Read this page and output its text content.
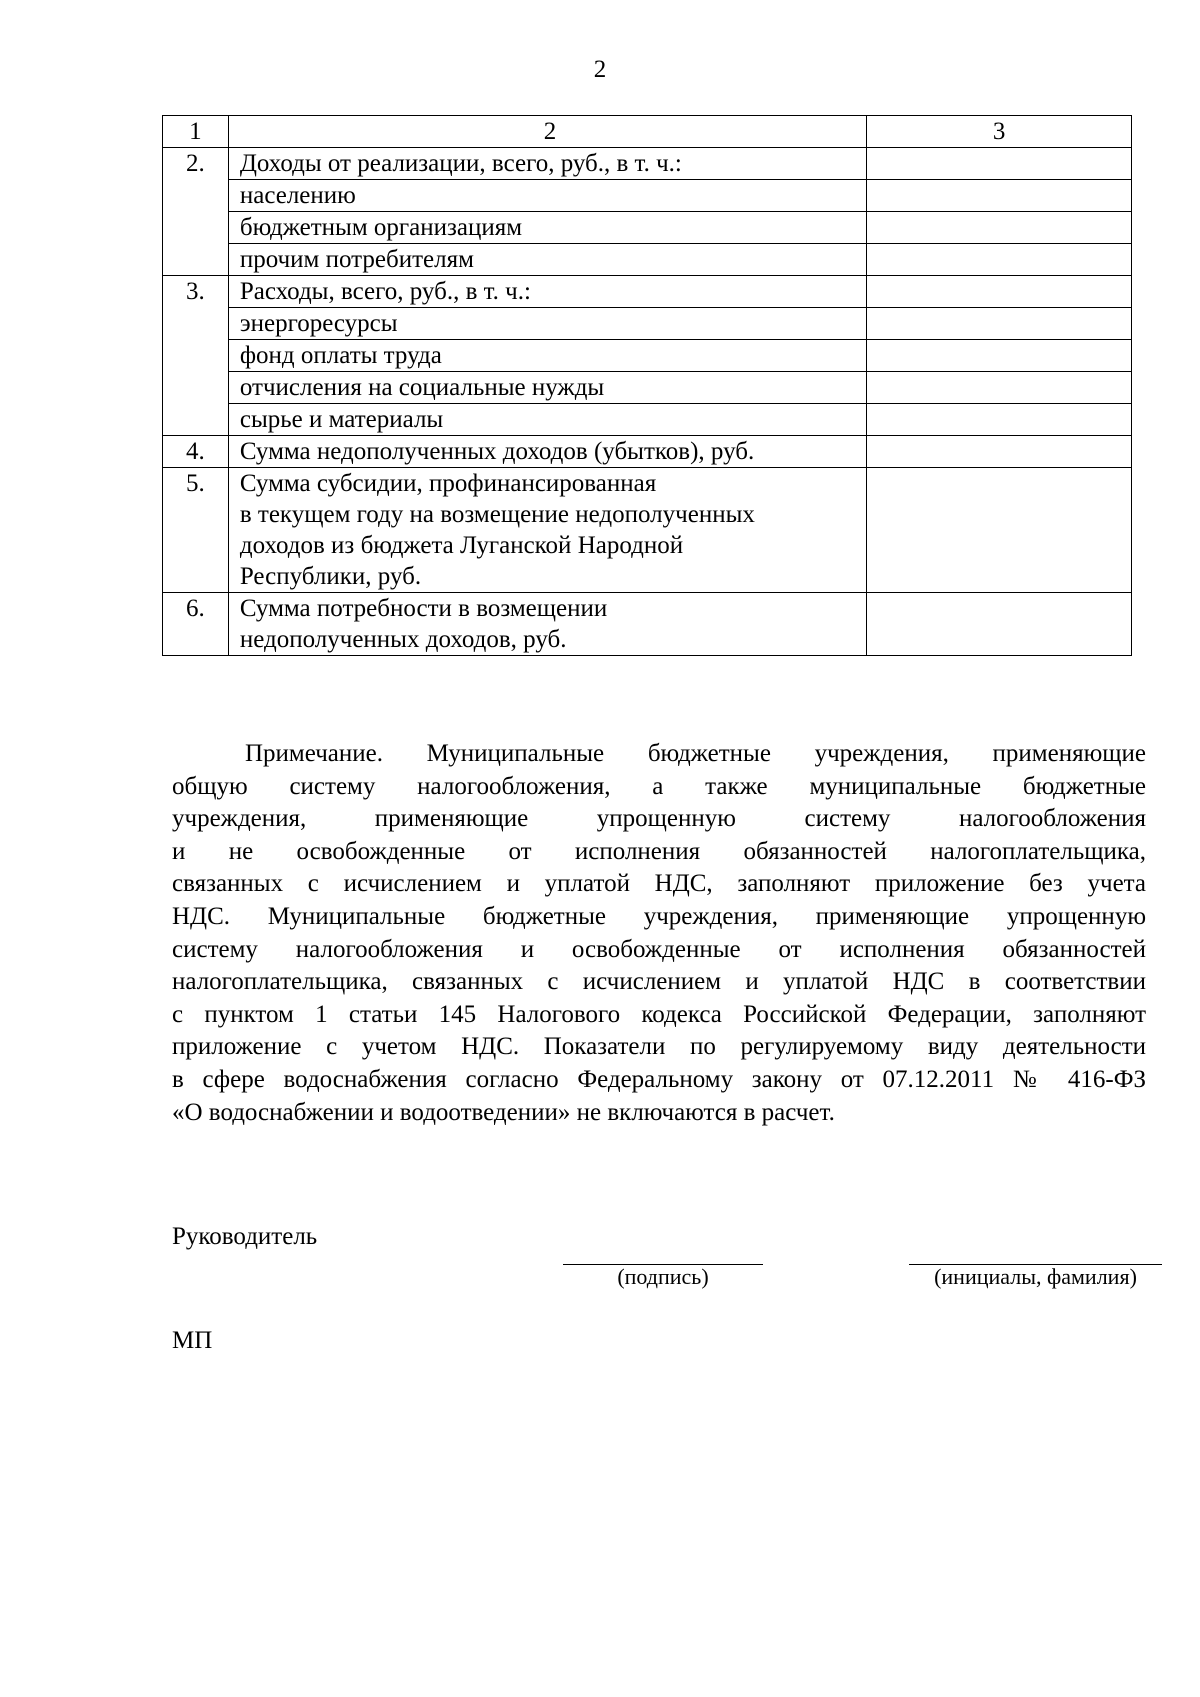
2
1	2	3
2.	Доходы от реализации, всего, руб., в т. ч.:	
	населению	
	бюджетным организациям	
	прочим потребителям	
3.	Расходы, всего, руб., в т. ч.:	
	энергоресурсы	
	фонд оплаты труда	
	отчисления на социальные нужды	
	сырье и материалы	
4.	Сумма недополученных доходов (убытков), руб.	
5.	Сумма субсидии, профинансированная
в текущем году на возмещение недополученных
доходов из бюджета Луганской Народной
Республики, руб.	
6.	Сумма потребности в возмещении
недополученных доходов, руб.	
Примечание. Муниципальные бюджетные учреждения, применяющие
общую систему налогообложения, а также муниципальные бюджетные
учреждения, применяющие упрощенную систему налогообложения
и не освобожденные от исполнения обязанностей налогоплательщика,
связанных с исчислением и уплатой НДС, заполняют приложение без учета
НДС. Муниципальные бюджетные учреждения, применяющие упрощенную
систему налогообложения и освобожденные от исполнения обязанностей
налогоплательщика, связанных с исчислением и уплатой НДС в соответствии
с пунктом 1 статьи 145 Налогового кодекса Российской Федерации, заполняют
приложение с учетом НДС. Показатели по регулируемому виду деятельности
в сфере водоснабжения согласно Федеральному закону от 07.12.2011 № 416-ФЗ
«О водоснабжении и водоотведении» не включаются в расчет.
Руководитель
(подпись)	(инициалы, фамилия)
МП
